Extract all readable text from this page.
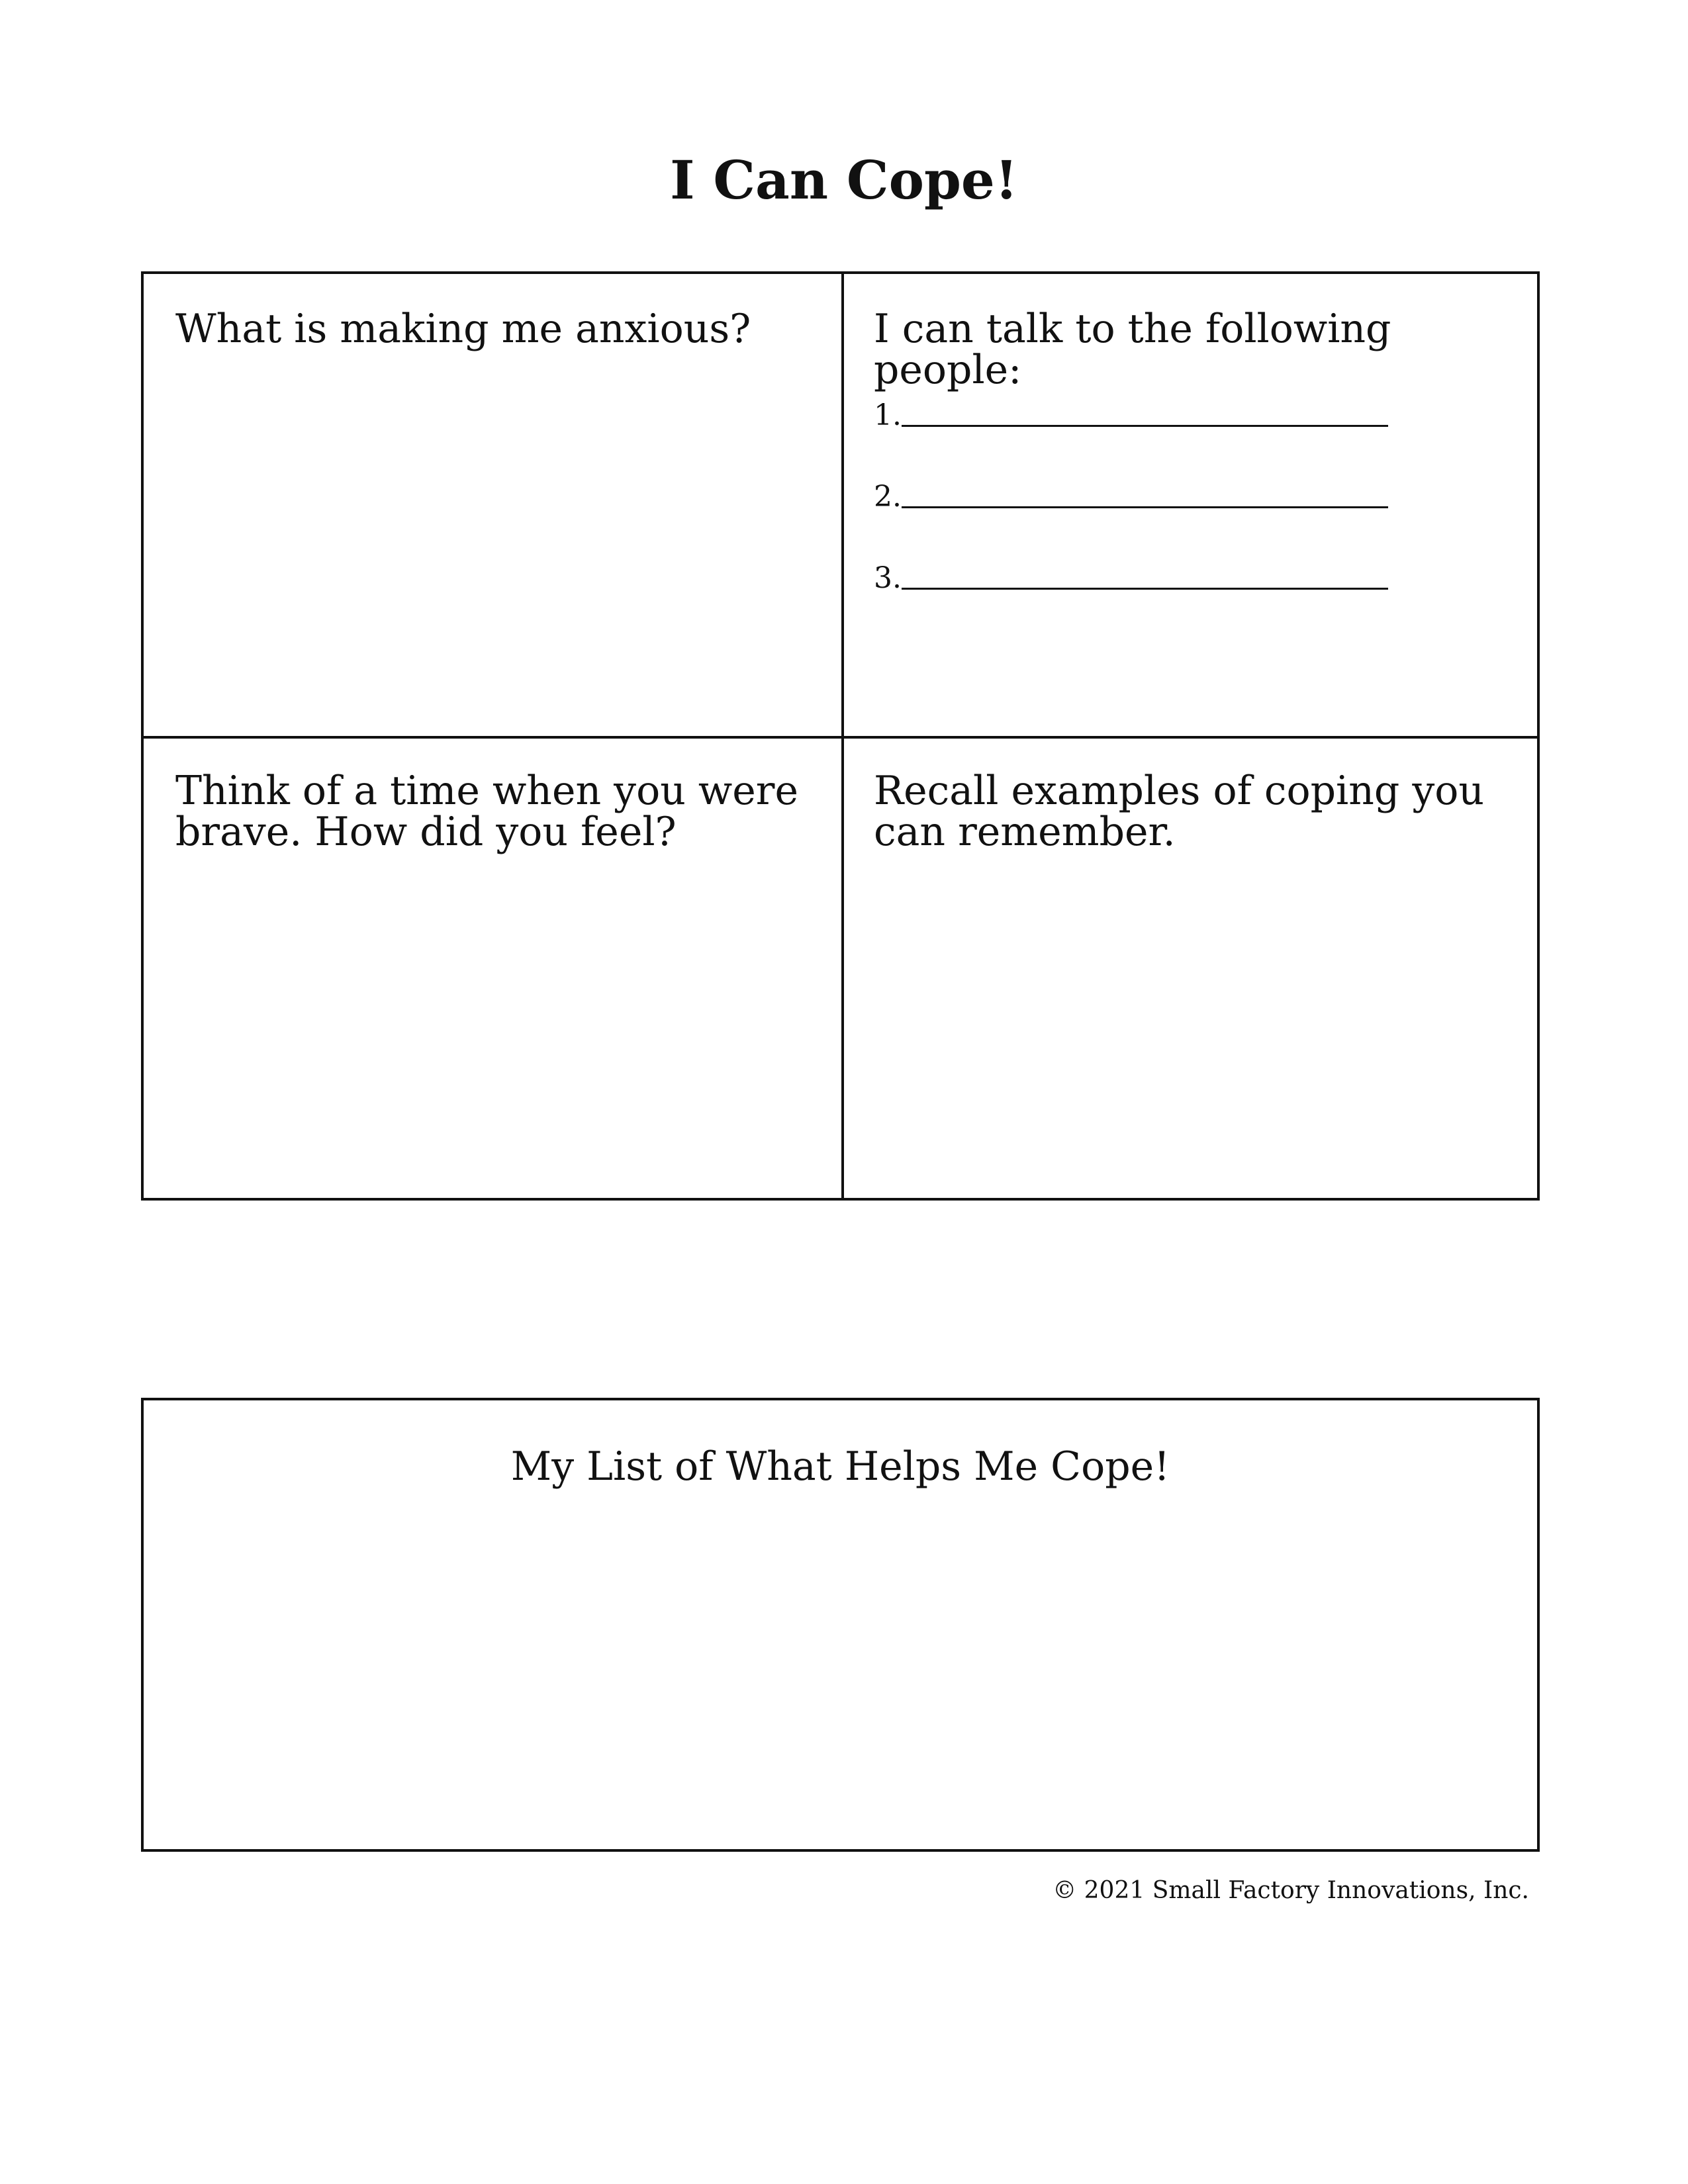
I Can Cope!

What is making me anxious?	I can talk to the following people:

1.
2.
3.

Think of a time when you were brave. How did you feel?

Recall examples of coping you can remember.

My List of What Helps Me Cope!

© 2021 Small Factory Innovations, Inc.
